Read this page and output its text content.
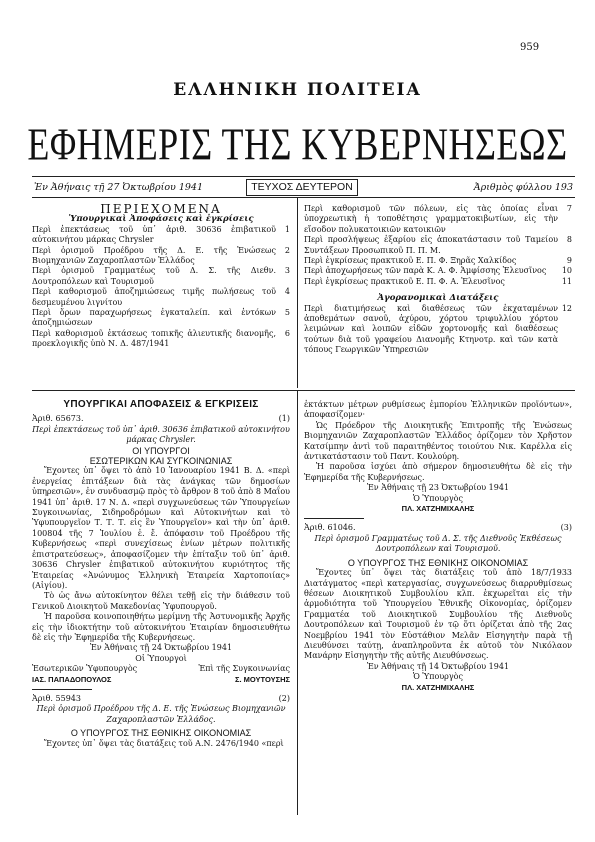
959
ΕΛΛΗΝΙΚΗ ΠΟΛΙΤΕΙΑ
ΕΦΗΜΕΡΙΣ ΤΗΣ ΚΥΒΕΡΝΗΣΕΩΣ
Ἐν Ἀθήναις τῇ 27 Ὀκτωβρίου 1941	ΤΕΥΧΟΣ ΔΕΥΤΕΡΟΝ	Ἀριθμὸς φύλλου 193

ΠΕΡΙΕΧΟΜΕΝΑ

Ὑπουργικαὶ Ἀποφάσεις καὶ ἐγκρίσεις

Περὶ ἐπεκτάσεως τοῦ ὑπ᾽ ἀριθ. 30636 ἐπιβατικοῦ αὐτοκινήτου μάρκας Chrysler
1
Περὶ ὁρισμοῦ Προέδρου τῆς Δ. Ε. τῆς Ἑνώσεως Βιομηχανιῶν Ζαχαροπλαστῶν Ἑλλάδος
2
Περὶ ὁρισμοῦ Γραμματέως τοῦ Δ. Σ. τῆς Διεθν. Δουτροπόλεων καὶ Τουρισμοῦ
3
Περὶ καθορισμοῦ ἀποζημιώσεως τιμῆς πωλήσεως τοῦ δεσμευμένου λιγνίτου
4
Περὶ ὅρων παραχωρήσεως ἐγκαταλείπ. καὶ ἐντόκων ἀποζημιώσεων
5
Περὶ καθορισμοῦ ἐκτάσεως τοπικῆς ἁλιευτικῆς διανομῆς, προεκλογικῆς ὑπὸ Ν. Δ. 487/1941
6
Περὶ καθορισμοῦ τῶν πόλεων, εἰς τὰς ὁποίας εἶναι ὑποχρεωτικὴ ἡ τοποθέτησις γραμματοκιβωτίων, εἰς τὴν εἴσοδον πολυκατοικιῶν κατοικιῶν
7
Περὶ προσλήψεως ἐξαρίου εἰς ἀποκατάστασιν τοῦ Ταμείου Συντάξεων Προσωπικοῦ Π. Π. Μ.
8
Περὶ ἐγκρίσεως πρακτικοῦ Ε. Π. Φ. Ξηρᾶς Χαλκίδος	9
Περὶ ἀποχωρήσεως τῶν παρὰ Κ. Α. Φ. Ἀμφίσσης Ἐλευσῖνος	10
Περὶ ἐγκρίσεως πρακτικοῦ Ε. Π. Φ. Α. Ἐλευσῖνος	11

Ἀγορανομικαὶ Διατάξεις

Περὶ διατιμήσεως καὶ διαθέσεως τῶν ἐκχαταμένων ἀποθεμάτων σανοῦ, ἀχύρου, χόρτου τριφυλλίου χόρτου λειμώνων καὶ λοιπῶν εἰδῶν χορτονομῆς καὶ διαθέσεως τούτων διὰ τοῦ γραφείου Διανομῆς Κτηνοτρ. καὶ τῶν κατὰ τόπους Γεωργικῶν Ὑπηρεσιῶν
12

ΥΠΟΥΡΓΙΚΑΙ ΑΠΟΦΑΣΕΙΣ & ΕΓΚΡΙΣΕΙΣ

Ἀριθ. 65673.	(1)

Περὶ ἐπεκτάσεως τοῦ ὑπ᾽ ἀριθ. 30636 ἐπιβατικοῦ αὐτοκινήτου μάρκας Chrysler.

ΟΙ ΥΠΟΥΡΓΟΙ

ΕΣΩΤΕΡΙΚΩΝ ΚΑΙ ΣΥΓΚΟΙΝΩΝΙΑΣ

Ἔχοντες ὑπ᾽ ὄψει τὸ ἀπὸ 10 Ἰανουαρίου 1941 Β. Δ. «περὶ ἐνεργείας ἐπιτάξεων διὰ τὰς ἀνάγκας τῶν δημοσίων ὑπηρεσιῶν», ἐν συνδυασμῷ πρὸς τὸ ἄρθρον 8 τοῦ ἀπὸ 8 Μαΐου 1941 ὑπ᾽ ἀριθ. 17 Ν. Δ. «περὶ συγχωνεύσεως τῶν Ὑπουργείων Συγκοινωνίας, Σιδηροδρόμων καὶ Αὐτοκινήτων καὶ τὸ Ὑφυπουργεῖον Τ. Τ. Τ. εἰς ἓν Ὑπουργεῖον» καὶ τὴν ὑπ᾽ ἀριθ. 100804 τῆς 7 Ἰουλίου ἐ. ἔ. ἀπόφασιν τοῦ Προέδρου τῆς Κυβερνήσεως «περὶ συνεχίσεως ἐνίων μέτρων πολιτικῆς ἐπιστρατεύσεως», ἀποφασίζομεν τὴν ἐπίταξιν τοῦ ὑπ᾽ ἀριθ. 30636 Chrysler ἐπιβατικοῦ αὐτοκινήτου κυριότητος τῆς Ἑταιρείας «Ἀνώνυμος Ἑλληνικὴ Ἑταιρεία Χαρτοποιίας» (Αἰγίου).

Τὸ ὡς ἄνω αὐτοκίνητον θέλει τεθῇ εἰς τὴν διάθεσιν τοῦ Γενικοῦ Διοικητοῦ Μακεδονίας Ὑφυπουργοῦ.

Ἡ παροῦσα κοινοποιηθήτω μερίμνῃ τῆς Ἀστυνομικῆς Ἀρχῆς εἰς τὴν ἰδιοκτήτην τοῦ αὐτοκινήτου Ἑταιρίαν δημοσιευθήτω δὲ εἰς τὴν Ἐφημερίδα τῆς Κυβερνήσεως.

Ἐν Ἀθήναις τῇ 24 Ὀκτωβρίου 1941

Οἱ Ὑπουργοὶ

Ἐσωτερικῶν Ὑφυπουργὸς	Ἐπὶ τῆς Συγκοινωνίας
ΙΑΣ. ΠΑΠΑΔΟΠΟΥΛΟΣ	Σ. ΜΟΥΤΟΥΣΗΣ
Ἀριθ. 55943	(2)

Περὶ ὁρισμοῦ Προέδρου τῆς Δ. Ε. τῆς Ἑνώσεως Βιομηχανιῶν Ζαχαροπλαστῶν Ἑλλάδος.

Ο ΥΠΟΥΡΓΟΣ ΤΗΣ ΕΘΝΙΚΗΣ ΟΙΚΟΝΟΜΙΑΣ

Ἔχοντες ὑπ᾽ ὄψει τὰς διατάξεις τοῦ Α.Ν. 2476/1940 «περὶ

ἐκτάκτων μέτρων ρυθμίσεως ἐμπορίου Ἑλληνικῶν προϊόντων», ἀποφασίζομεν·

Ὡς Πρόεδρον τῆς Διοικητικῆς Ἐπιτροπῆς τῆς Ἑνώσεως Βιομηχανιῶν Ζαχαροπλαστῶν Ἑλλάδος ὁρίζομεν τὸν Χρῆστον Κατσίμπην ἀντὶ τοῦ παραιτηθέντος τοιούτου Νικ. Καρέλλα εἰς ἀντικατάστασιν τοῦ Παντ. Κουλούρη.

Ἡ παροῦσα ἰσχύει ἀπὸ σήμερον δημοσιευθήτω δὲ εἰς τὴν Ἐφημερίδα τῆς Κυβερνήσεως.

Ἐν Ἀθήναις τῇ 23 Ὀκτωβρίου 1941

Ὁ Ὑπουργὸς

ΠΛ. ΧΑΤΖΗΜΙΧΑΛΗΣ

Ἀριθ. 61046.	(3)

Περὶ ὁρισμοῦ Γραμματέως τοῦ Δ. Σ. τῆς Διεθνοῦς Ἐκθέσεως Δουτροπόλεων καὶ Τουρισμοῦ.

Ο ΥΠΟΥΡΓΟΣ ΤΗΣ ΕΘΝΙΚΗΣ ΟΙΚΟΝΟΜΙΑΣ

Ἔχοντες ὑπ᾽ ὄψει τὰς διατάξεις τοῦ ἀπὸ 18/7/1933 Διατάγματος «περὶ κατεργασίας, συγχωνεύσεως διαρρυθμίσεως θέσεων Διοικητικοῦ Συμβουλίου κλπ. ἐκχωρεῖται εἰς τὴν ἁρμοδιότητα τοῦ Ὑπουργείου Ἐθνικῆς Οἰκονομίας, ὁρίζομεν Γραμματέα τοῦ Διοικητικοῦ Συμβουλίου τῆς Διεθνοῦς Δουτροπόλεων καὶ Τουρισμοῦ ἐν τῷ ὅτι ὁρίζεται ἀπὸ τῆς 2ας Νοεμβρίου 1941 τὸν Εὐστάθιον Μελᾶν Εἰσηγητὴν παρὰ τῇ Διευθύνσει ταύτῃ, ἀναπληροῦντα ἐκ αὐτοῦ τὸν Νικόλαον Μανάρην Εἰσηγητὴν τῆς αὐτῆς Διευθύνσεως.

Ἐν Ἀθήναις τῇ 14 Ὀκτωβρίου 1941

Ὁ Ὑπουργὸς

ΠΛ. ΧΑΤΖΗΜΙΧΑΛΗΣ
